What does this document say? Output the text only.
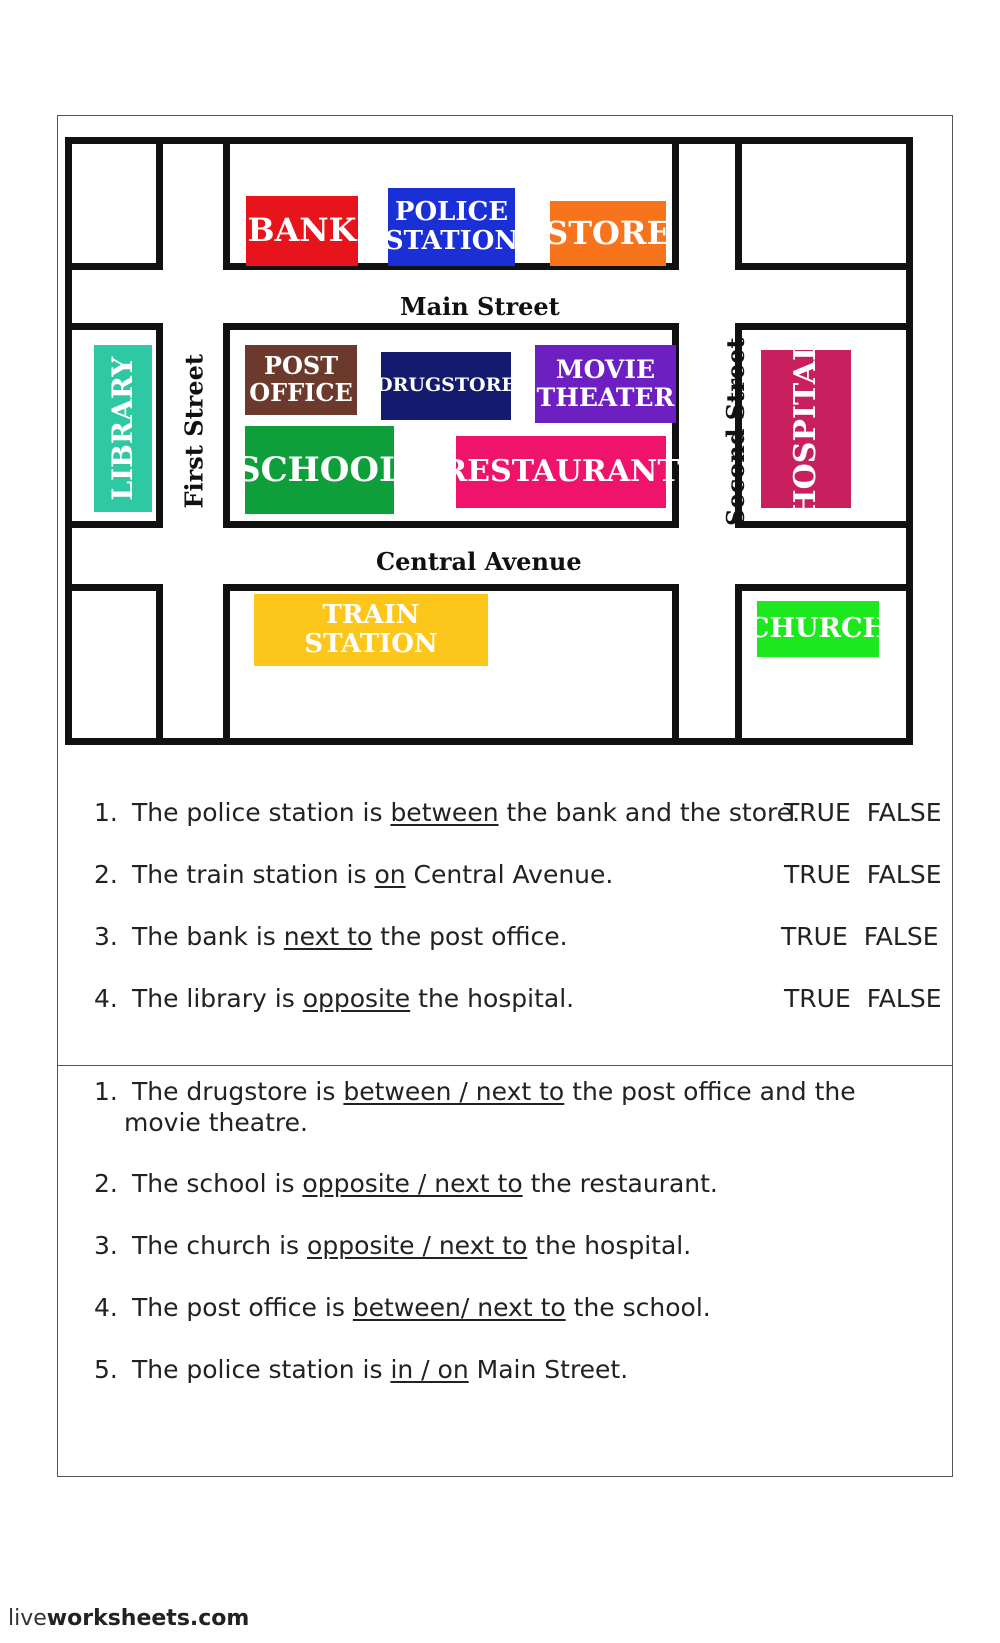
Main Street
Central Avenue
First Street	Second Street
BANK POLICE
STATION STORE
POST
OFFICE DRUGSTORE
MOVIE
THEATER
SCHOOL RESTAURANT
LIBRARY	HOSPITAL
TRAIN
STATION
CHURCH
1. The police station is between the bank and the store.
TRUE FALSE
2. The train station is on Central Avenue.	TRUE FALSE
3. The bank is next to the post office.	TRUE FALSE
4. The library is opposite the hospital.	TRUE FALSE
1. The drugstore is between / next to the post office and the
movie theatre.
2. The school is opposite / next to the restaurant.
3. The church is opposite / next to the hospital.
4. The post office is between/ next to the school.
5. The police station is in / on Main Street.
liveworksheets.com
